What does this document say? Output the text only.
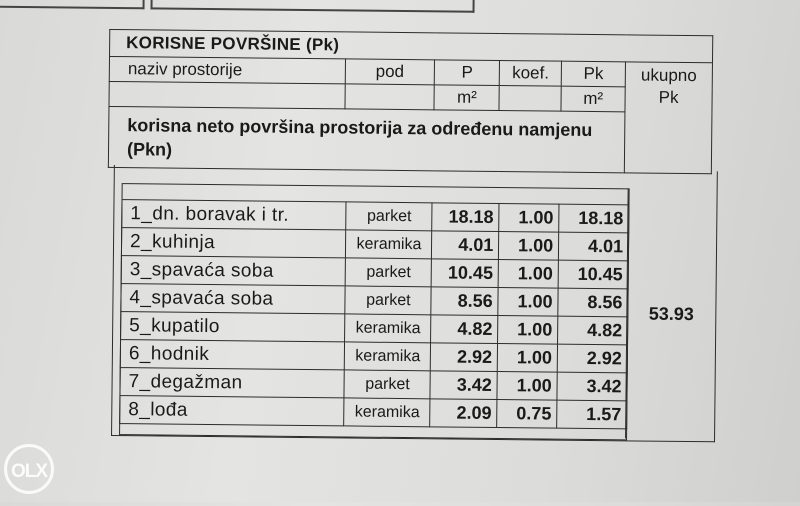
KORISNE POVRŠINE (Pk)					
naziv prostorije	pod	P	koef.	Pk	ukupno
Pk

		m²		m²	
korisna neto površina prostorija za određenu namjenu (Pkn)					
1_dn. boravak i tr.	parket	18.18	1.00	18.18
2_kuhinja	keramika	4.01	1.00	4.01
3_spavaća soba	parket	10.45	1.00	10.45
4_spavaća soba	parket	8.56	1.00	8.56
5_kupatilo	keramika	4.82	1.00	4.82
6_hodnik	keramika	2.92	1.00	2.92
7_degažman	parket	3.42	1.00	3.42
8_lođa	keramika	2.09	0.75	1.57
53.93
OLX
